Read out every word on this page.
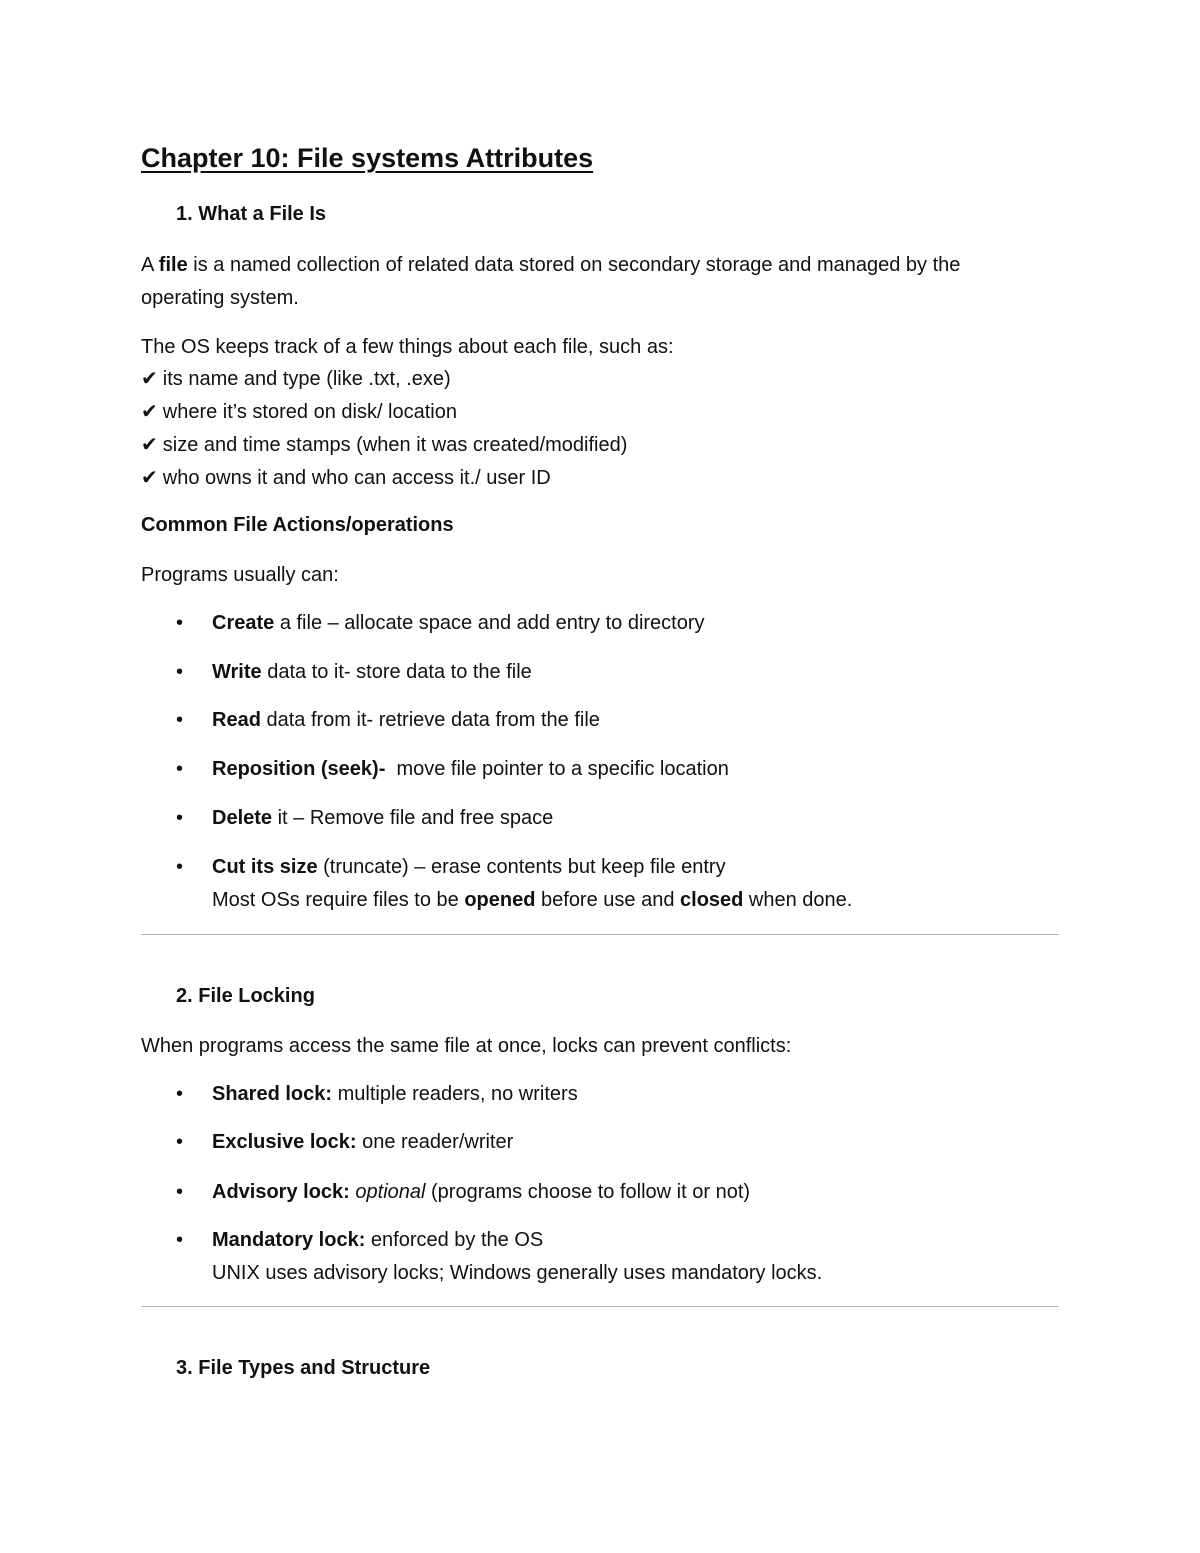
Chapter 10: File systems Attributes
1. What a File Is

A file is a named collection of related data stored on secondary storage and managed by the

operating system.

The OS keeps track of a few things about each file, such as:

✔ its name and type (like .txt, .exe)

✔ where it’s stored on disk/ location

✔ size and time stamps (when it was created/modified)

✔ who owns it and who can access it./ user ID

Common File Actions/operations

Programs usually can:

• Create a file – allocate space and add entry to directory
• Write data to it- store data to the file
• Read data from it- retrieve data from the file
• Reposition (seek)-  move file pointer to a specific location
• Delete it – Remove file and free space
• Cut its size (truncate) – erase contents but keep file entry

Most OSs require files to be opened before use and closed when done.

2. File Locking

When programs access the same file at once, locks can prevent conflicts:

• Shared lock: multiple readers, no writers
• Exclusive lock: one reader/writer
• Advisory lock: optional (programs choose to follow it or not)
• Mandatory lock: enforced by the OS

UNIX uses advisory locks; Windows generally uses mandatory locks.

3. File Types and Structure
